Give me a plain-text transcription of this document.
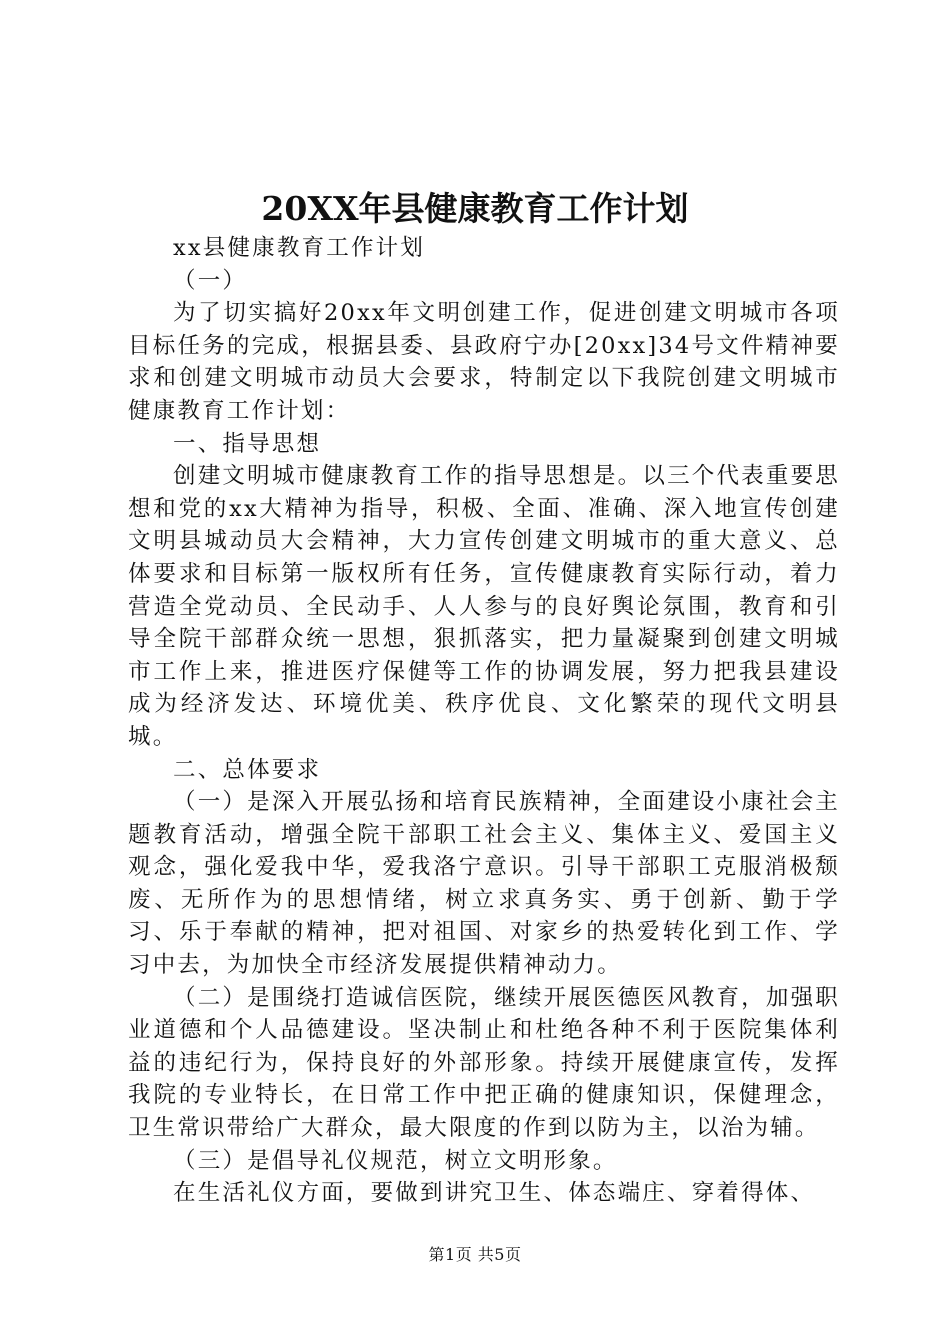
20XX年县健康教育工作计划

xx县健康教育工作计划

（一）

为了切实搞好20xx年文明创建工作，促进创建文明城市各项目标任务的完成，根据县委、县政府宁办[20xx]34号文件精神要求和创建文明城市动员大会要求，特制定以下我院创建文明城市健康教育工作计划：

一、指导思想

创建文明城市健康教育工作的指导思想是。以三个代表重要思想和党的xx大精神为指导，积极、全面、准确、深入地宣传创建文明县城动员大会精神，大力宣传创建文明城市的重大意义、总体要求和目标第一版权所有任务，宣传健康教育实际行动，着力营造全党动员、全民动手、人人参与的良好舆论氛围，教育和引导全院干部群众统一思想，狠抓落实，把力量凝聚到创建文明城市工作上来，推进医疗保健等工作的协调发展，努力把我县建设成为经济发达、环境优美、秩序优良、文化繁荣的现代文明县城。

二、总体要求

（一）是深入开展弘扬和培育民族精神，全面建设小康社会主题教育活动，增强全院干部职工社会主义、集体主义、爱国主义观念，强化爱我中华，爱我洛宁意识。引导干部职工克服消极颓废、无所作为的思想情绪，树立求真务实、勇于创新、勤于学习、乐于奉献的精神，把对祖国、对家乡的热爱转化到工作、学习中去，为加快全市经济发展提供精神动力。

（二）是围绕打造诚信医院，继续开展医德医风教育，加强职业道德和个人品德建设。坚决制止和杜绝各种不利于医院集体利益的违纪行为，保持良好的外部形象。持续开展健康宣传，发挥我院的专业特长，在日常工作中把正确的健康知识，保健理念，卫生常识带给广大群众，最大限度的作到以防为主，以治为辅。

（三）是倡导礼仪规范，树立文明形象。

在生活礼仪方面，要做到讲究卫生、体态端庄、穿着得体、

第1页 共5页
